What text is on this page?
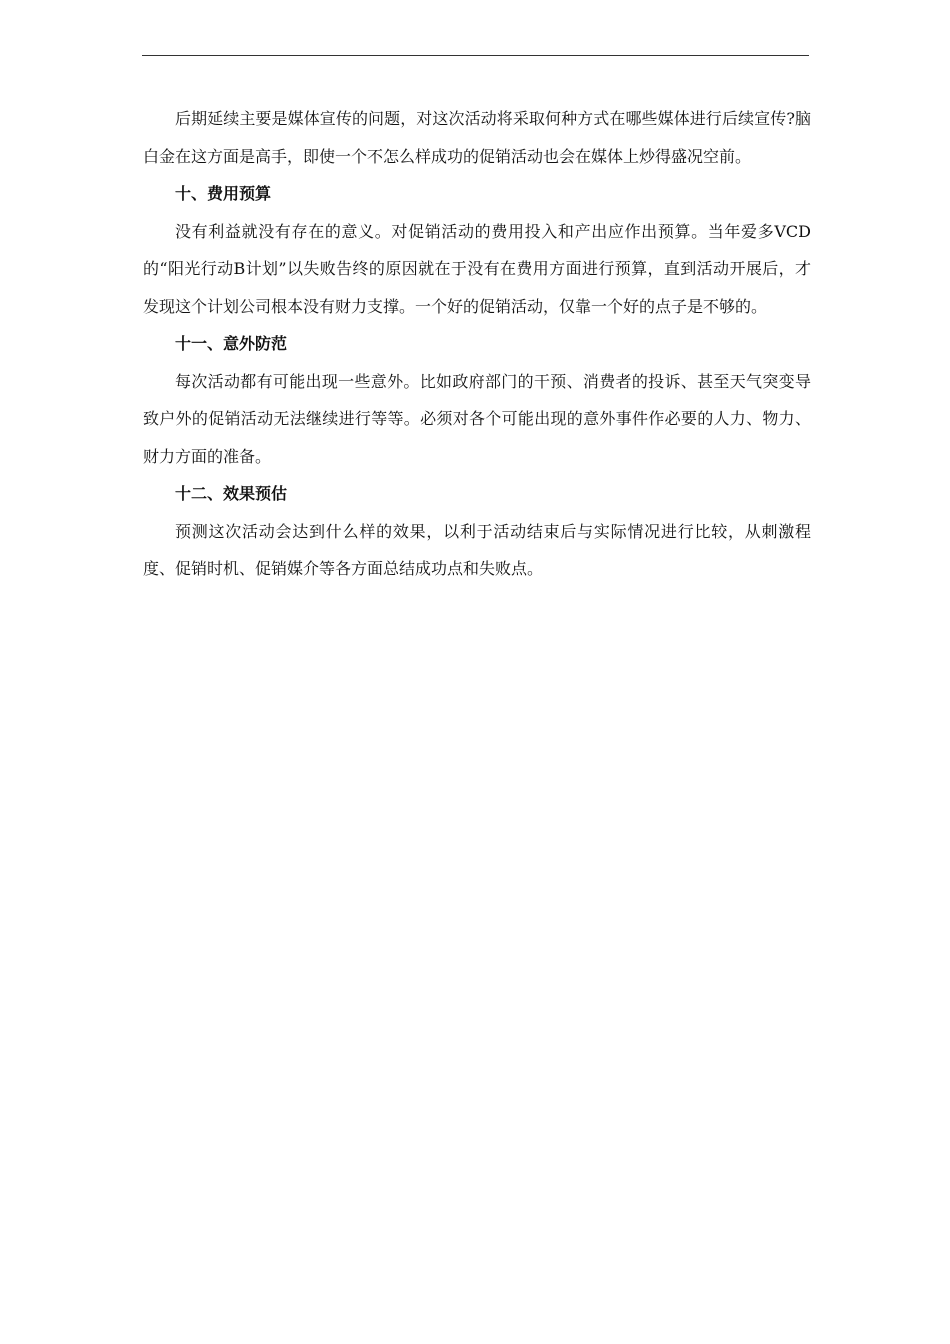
后期延续主要是媒体宣传的问题，对这次活动将采取何种方式在哪些媒体进行后续宣传?脑白金在这方面是高手，即使一个不怎么样成功的促销活动也会在媒体上炒得盛况空前。

十、费用预算

没有利益就没有存在的意义。对促销活动的费用投入和产出应作出预算。当年爱多VCD的“阳光行动B计划”以失败告终的原因就在于没有在费用方面进行预算，直到活动开展后，才发现这个计划公司根本没有财力支撑。一个好的促销活动，仅靠一个好的点子是不够的。

十一、意外防范

每次活动都有可能出现一些意外。比如政府部门的干预、消费者的投诉、甚至天气突变导致户外的促销活动无法继续进行等等。必须对各个可能出现的意外事件作必要的人力、物力、财力方面的准备。

十二、效果预估

预测这次活动会达到什么样的效果，以利于活动结束后与实际情况进行比较，从刺激程度、促销时机、促销媒介等各方面总结成功点和失败点。
